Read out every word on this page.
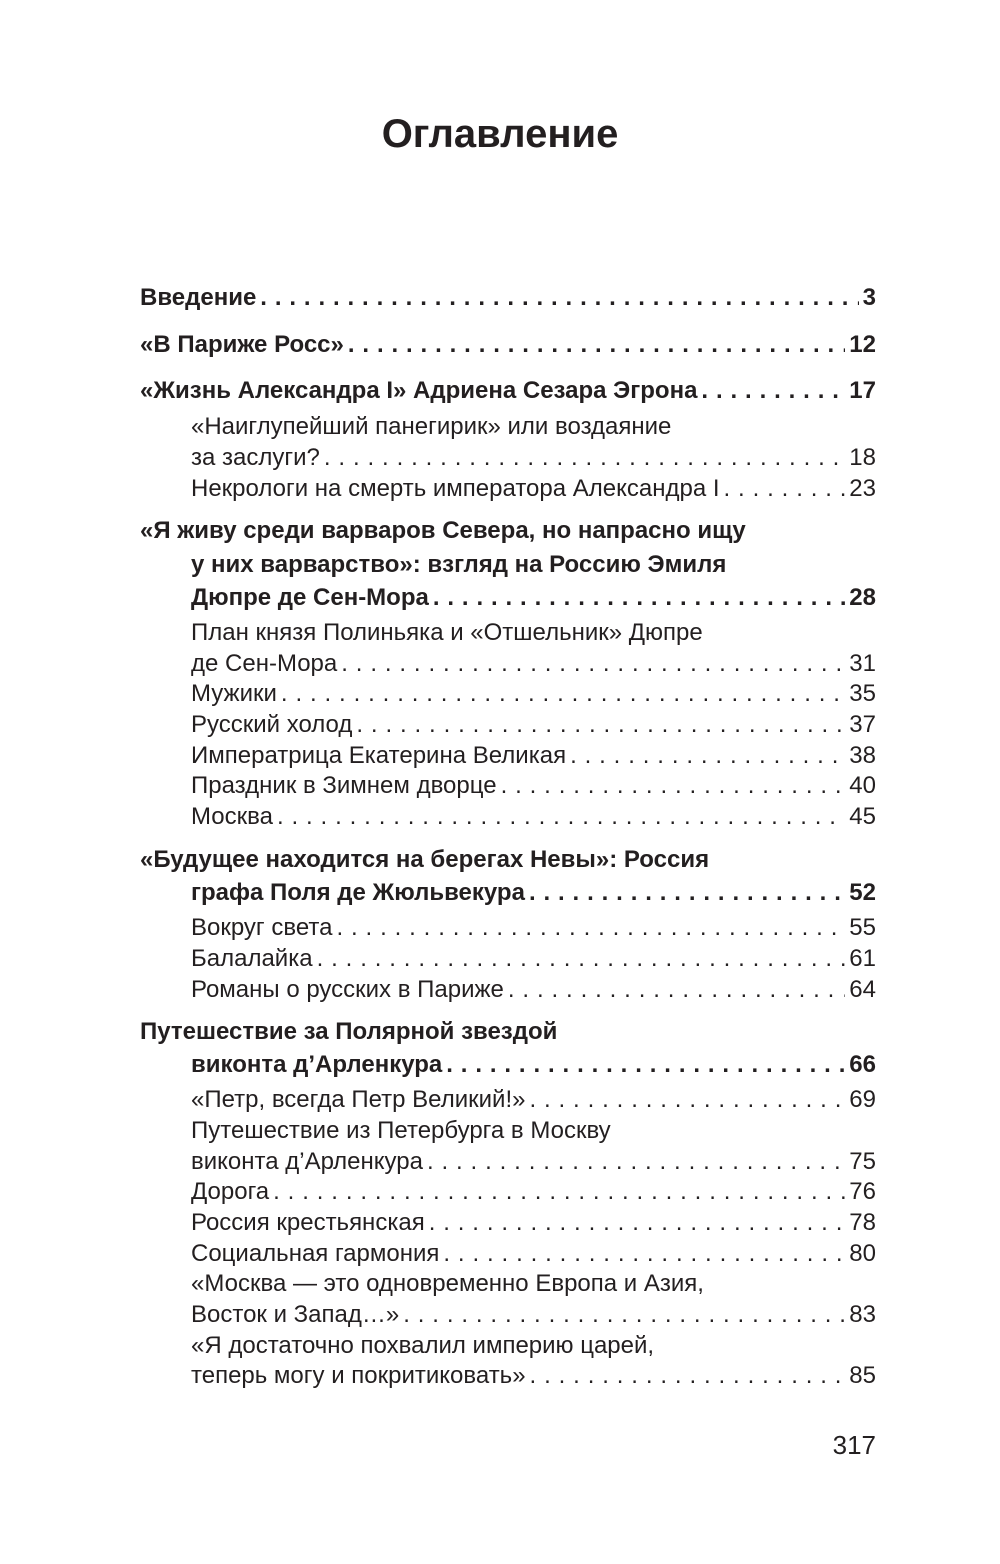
Оглавление
Введение . . .	3
«В Париже Росс» . . .	12
«Жизнь Александра I» Адриена Сезара Эгрона . . .	17
«Наиглупейший панегирик» или воздаяние
за заслуги? . . .	18
Некрологи на смерть императора Александра I . . .	23
«Я живу среди варваров Севера, но напрасно ищу
у них варварство»: взгляд на Россию Эмиля
Дюпре де Сен-Мора . . .	28
План князя Полиньяка и «Отшельник» Дюпре
де Сен-Мора . . .	31
Мужики . . .	35
Русский холод . . .	37
Императрица Екатерина Великая . . .	38
Праздник в Зимнем дворце . . .	40
Москва . . .	45
«Будущее находится на берегах Невы»: Россия
графа Поля де Жюльвекура . . .	52
Вокруг света . . .	55
Балалайка . . .	61
Романы о русских в Париже . . .	64
Путешествие за Полярной звездой
виконта д’Арленкура . . .	66
«Петр, всегда Петр Великий!» . . .	69
Путешествие из Петербурга в Москву
виконта д’Арленкура . . .	75
Дорога . . .	76
Россия крестьянская . . .	78
Социальная гармония . . .	80
«Москва — это одновременно Европа и Азия,
Восток и Запад…» . . .	83
«Я достаточно похвалил империю царей,
теперь могу и покритиковать» . . .	85
317
